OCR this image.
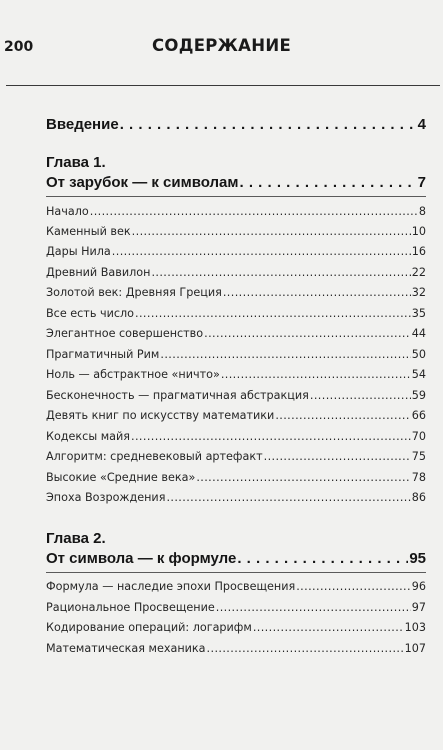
200	СОДЕРЖАНИЕ
Введение . . .	4
Глава 1.
От зарубок — к символам . . .	7
Начало .....	8
Каменный век .....	10
Дары Нила .....	16
Древний Вавилон .....	22
Золотой век: Древняя Греция .....	32
Все есть число .....	35
Элегантное совершенство .....	44
Прагматичный Рим .....	50
Ноль — абстрактное «ничто» .....	54
Бесконечность — прагматичная абстракция .....	59
Девять книг по искусству математики .....	66
Кодексы майя .....	70
Алгоритм: средневековый артефакт .....	75
Высокие «Средние века» .....	78
Эпоха Возрождения .....	86
Глава 2.
От символа — к формуле . . .	95
Формула — наследие эпохи Просвещения .....	96
Рациональное Просвещение .....	97
Кодирование операций: логарифм .....	103
Математическая механика .....	107
